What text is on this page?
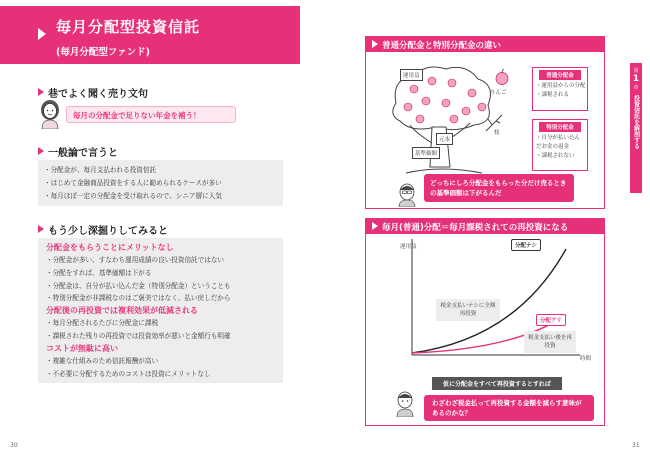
毎月分配型投資信託
(毎月分配型ファンド)
巷でよく聞く売り文句
毎月の分配金で足りない年金を補う！
一般論で言うと
・ 分配金が、毎月支払われる投資信託
・ はじめて金融商品投資をする人に勧められるケースが多い
・ 毎月ほぼ一定の分配金を受け取れるので、シニア層に人気
もう少し深掘りしてみると
分配金をもらうことにメリットなし
・ 分配金が多い、すなわち運用成績の良い投資信託ではない
・ 分配をすれば、基準価額は下がる
・ 分配金は、自分が払い込んだ金（特別分配金）ということも
・ 特別分配金が非課税なのはご褒美ではなく、払い戻しだから
分配後の再投資では複利効果が低減される
・ 毎月分配されるたびに分配金に課税
・ 課税された残りの再投資では投資効率が悪いと金額行も明確
コストが無駄に高い
・ 複雑な仕組みのため信託報酬が高い
・ 不必要に分配するためのコストは投資にメリットなし
30
普通分配金と特別分配金の違い
運用益
元本
基準価額
りんご
枝
普通分配金
・運用益からの分配
・課税される
特別分配金
・自分が払い込んだお金の返金
・課税されない
どっちにしろ分配金をもらった分だけ売るときの基準価額は下がるんだ
毎月(普通)分配＝毎月課税されての再投資になる
運用益
時間
分配ナシ
分配アリ
税金支払いナシに全額再投資
税金支払い後を再投資
仮に分配金をすべて再投資するとすれば
わざわざ税金払って再投資する金額を減らす意味があるのかな？
第
1
章
投資信託を解剖する
31
